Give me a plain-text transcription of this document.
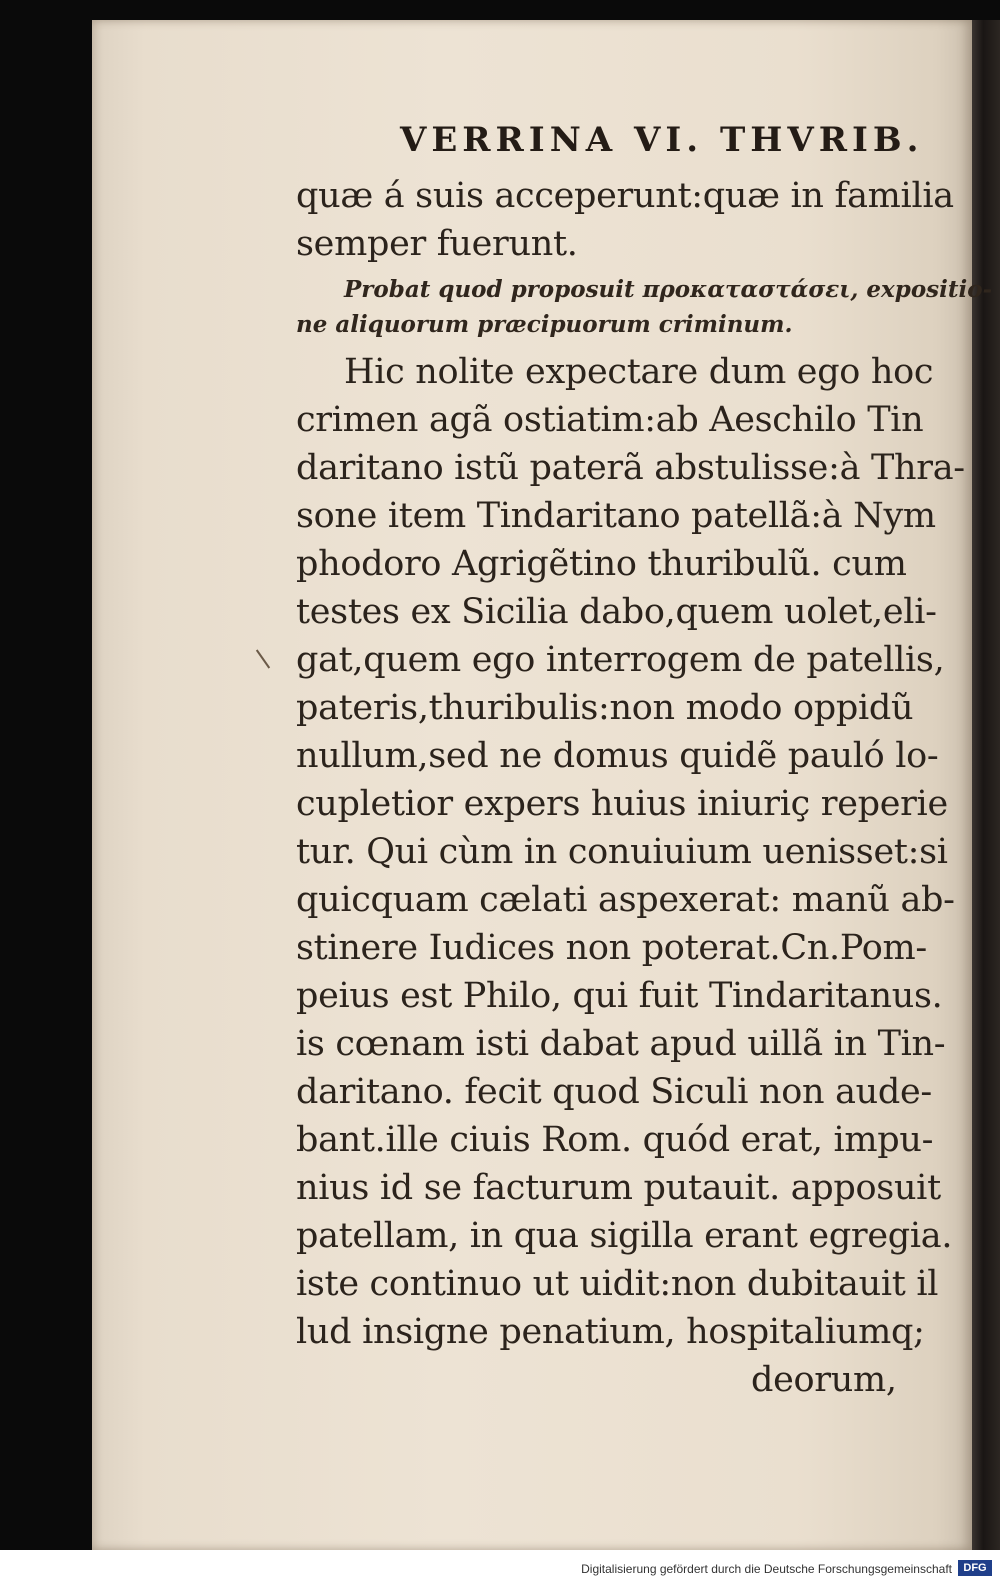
VERRINA VI. THVRIB.
quæ á suis acceperunt:quæ in familia
semper fuerunt.
Probat quod proposuit προκαταστάσει, expositio-
ne aliquorum præcipuorum criminum.
Hic nolite expectare dum ego hoc
crimen agã ostiatim:ab Aeschilo Tin
daritano istũ paterã abstulisse:à Thra-
sone item Tindaritano patellã:à Nym
phodoro Agrigẽtino thuribulũ. cum
testes ex Sicilia dabo,quem uolet,eli-
gat,quem ego interrogem de patellis,
pateris,thuribulis:non modo oppidũ
nullum,sed ne domus quidẽ pauló lo-
cupletior expers huius iniuriç reperie
tur. Qui cùm in conuiuium uenisset:si
quicquam cælati aspexerat: manũ ab-
stinere Iudices non poterat.Cn.Pom-
peius est Philo, qui fuit Tindaritanus.
is cœnam isti dabat apud uillã in Tin-
daritano. fecit quod Siculi non aude-
bant.ille ciuis Rom. quód erat, impu-
nius id se facturum putauit. apposuit
patellam, in qua sigilla erant egregia.
iste continuo ut uidit:non dubitauit il
lud insigne penatium, hospitaliumq;
deorum,
Digitalisierung gefördert durch die Deutsche Forschungsgemeinschaft	DFG
